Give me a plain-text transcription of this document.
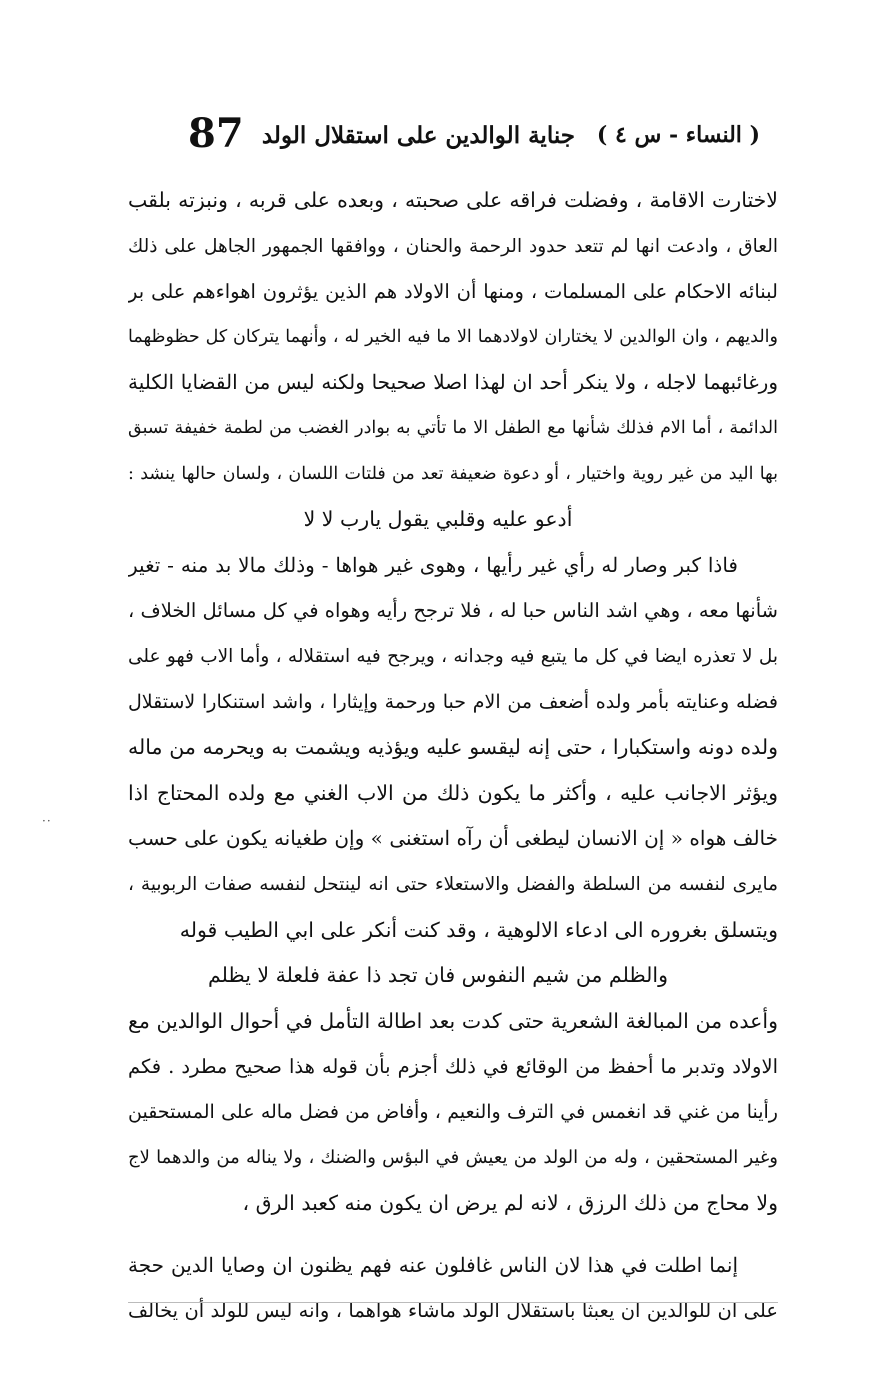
( النساء - س ٤ )
جناية الوالدين على استقلال الولد
87
··
لاختارت الاقامة ، وفضلت فراقه على صحبته ، وبعده على قربه ، ونبزته بلقب
العاق ، وادعت انها لم تتعد حدود الرحمة والحنان ، ووافقها الجمهور الجاهل على ذلك
لبنائه الاحكام على المسلمات ، ومنها أن الاولاد هم الذين يؤثرون اهواءهم على بر
والديهم ، وان الوالدين لا يختاران لاولادهما الا ما فيه الخير له ، وأنهما يتركان كل حظوظهما
ورغائبهما لاجله ، ولا ينكر أحد ان لهذا اصلا صحيحا ولكنه ليس من القضايا الكلية
الدائمة ، أما الام فذلك شأنها مع الطفل الا ما تأتي به بوادر الغضب من لطمة خفيفة تسبق
بها اليد من غير روية واختيار ، أو دعوة ضعيفة تعد من فلتات اللسان ، ولسان حالها ينشد :
أدعو عليه وقلبي يقول يارب لا لا
فاذا كبر وصار له رأي غير رأيها ، وهوى غير هواها - وذلك مالا بد منه - تغير
شأنها معه ، وهي اشد الناس حبا له ، فلا ترجح رأيه وهواه في كل مسائل الخلاف ،
بل لا تعذره ايضا في كل ما يتبع فيه وجدانه ، ويرجح فيه استقلاله ، وأما الاب فهو على
فضله وعنايته بأمر ولده أضعف من الام حبا ورحمة وإيثارا ، واشد استنكارا لاستقلال
ولده دونه واستكبارا ، حتى إنه ليقسو عليه ويؤذيه ويشمت به ويحرمه من ماله
ويؤثر الاجانب عليه ، وأكثر ما يكون ذلك من الاب الغني مع ولده المحتاج اذا
خالف هواه « إن الانسان ليطغى أن رآه استغنى » وإن طغيانه يكون على حسب
مايرى لنفسه من السلطة والفضل والاستعلاء حتى انه لينتحل لنفسه صفات الربوبية ،
ويتسلق بغروره الى ادعاء الالوهية ، وقد كنت أنكر على ابي الطيب قوله
والظلم من شيم النفوس فان تجد ذا عفة فلعلة لا يظلم
وأعده من المبالغة الشعرية حتى كدت بعد اطالة التأمل في أحوال الوالدين مع
الاولاد وتدبر ما أحفظ من الوقائع في ذلك أجزم بأن قوله هذا صحيح مطرد . فكم
رأينا من غني قد انغمس في الترف والنعيم ، وأفاض من فضل ماله على المستحقين
وغير المستحقين ، وله من الولد من يعيش في البؤس والضنك ، ولا يناله من والدهما لاج
ولا محاج من ذلك الرزق ، لانه لم يرض ان يكون منه كعبد الرق ،
إنما اطلت في هذا لان الناس غافلون عنه فهم يظنون ان وصايا الدين حجة
على ان للوالدين ان يعبثا باستقلال الولد ماشاء هواهما ، وانه ليس للولد أن يخالف
